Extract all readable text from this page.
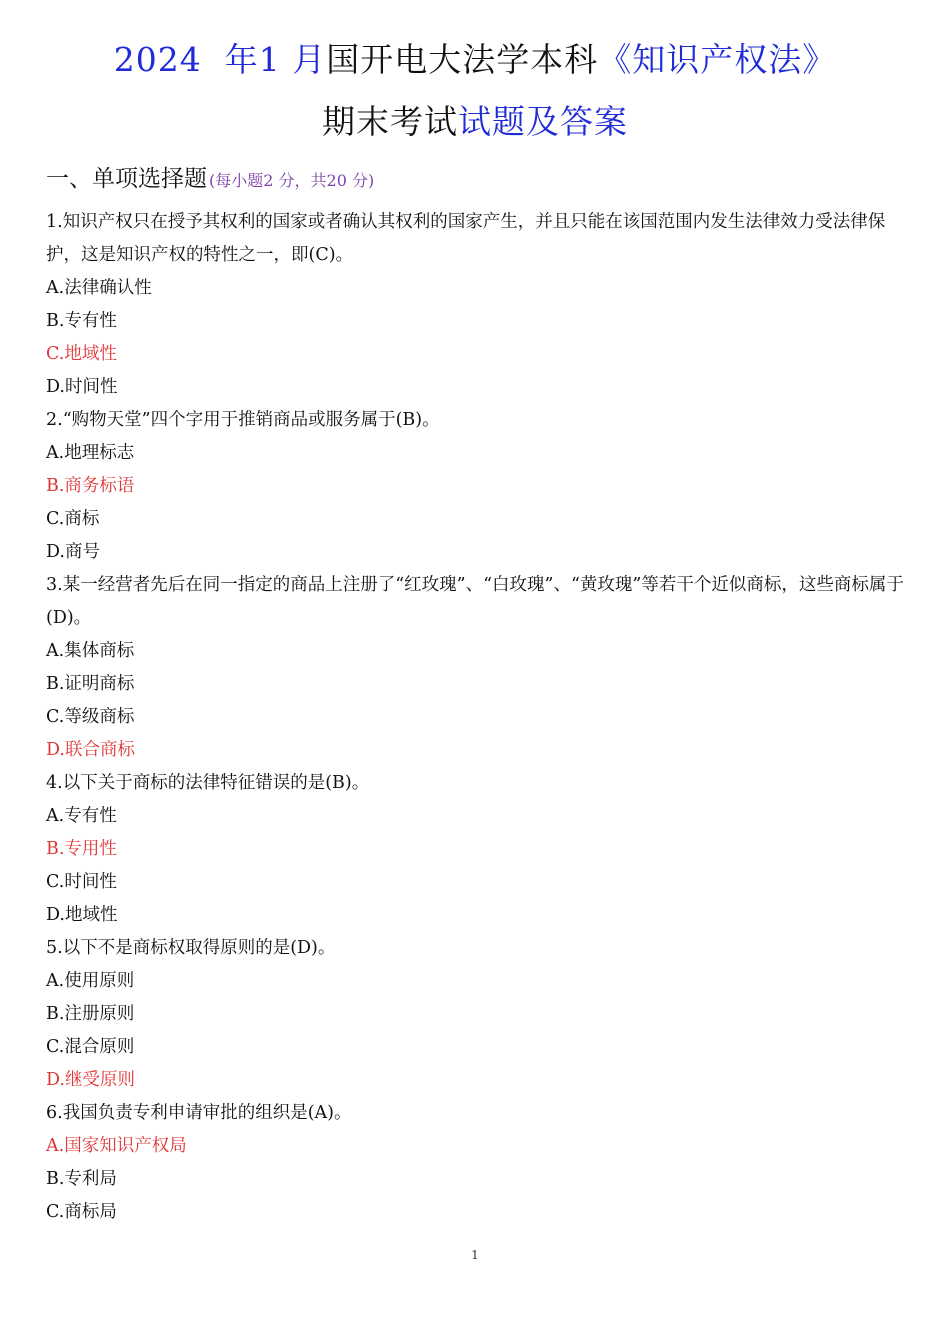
2024 年1 月国开电大法学本科《知识产权法》
期末考试试题及答案
一、单项选择题 (每小题2 分，共20 分)
1.知识产权只在授予其权利的国家或者确认其权利的国家产生，并且只能在该国范围内发生法律效力受法律保护，这是知识产权的特性之一，即(C)。
A.法律确认性
B.专有性
C.地域性
D.时间性
2.“购物天堂”四个字用于推销商品或服务属于(B)。
A.地理标志
B.商务标语
C.商标
D.商号
3.某一经营者先后在同一指定的商品上注册了“红玫瑰”、“白玫瑰”、“黄玫瑰”等若干个近似商标，这些商标属于(D)。
A.集体商标
B.证明商标
C.等级商标
D.联合商标
4.以下关于商标的法律特征错误的是(B)。
A.专有性
B.专用性
C.时间性
D.地域性
5.以下不是商标权取得原则的是(D)。
A.使用原则
B.注册原则
C.混合原则
D.继受原则
6.我国负责专利申请审批的组织是(A)。
A.国家知识产权局
B.专利局
C.商标局
1
